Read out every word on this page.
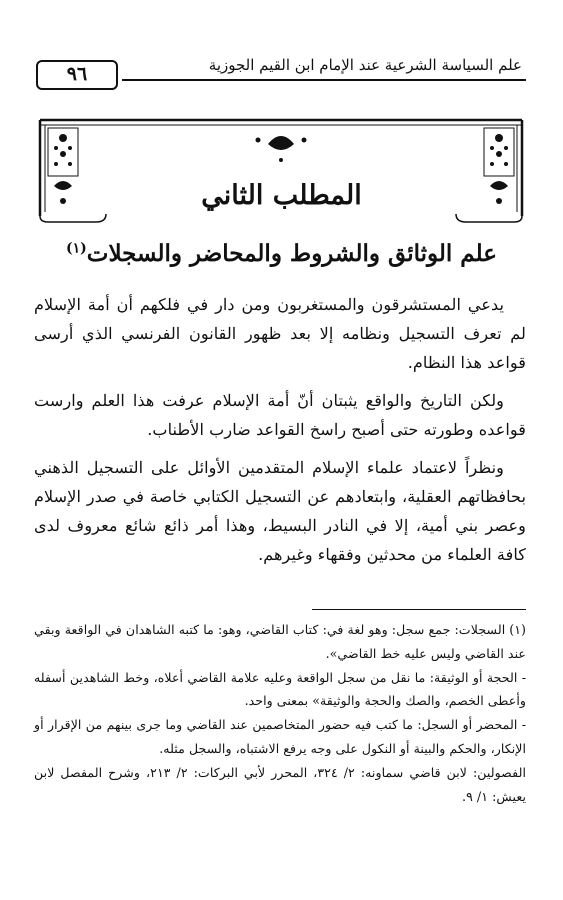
٩٦	علم السياسة الشرعية عند الإمام ابن القيم الجوزية
المطلب الثاني
علم الوثائق والشروط والمحاضر والسجلات$^{(١)}$

يدعي المستشرقون والمستغربون ومن دار في فلكهم أن أمة الإسلام لم تعرف التسجيل ونظامه إلا بعد ظهور القانون الفرنسي الذي أرسى قواعد هذا النظام.

ولكن التاريخ والواقع يثبتان أنّ أمة الإسلام عرفت هذا العلم وارست قواعده وطورته حتى أصبح راسخ القواعد ضارب الأطناب.

ونظراً لاعتماد علماء الإسلام المتقدمين الأوائل على التسجيل الذهني بحافظاتهم العقلية، وابتعادهم عن التسجيل الكتابي خاصة في صدر الإسلام وعصر بني أمية، إلا في النادر البسيط، وهذا أمر ذائع شائع معروف لدى كافة العلماء من محدثين وفقهاء وغيرهم.

(١) السجلات: جمع سجل: وهو لغة في: كتاب القاضي، وهو: ما كتبه الشاهدان في الواقعة وبقي عند القاضي وليس عليه خط القاضي».

- الحجة أو الوثيقة: ما نقل من سجل الواقعة وعليه علامة القاضي أعلاه، وخط الشاهدين أسفله وأعطى الخصم، والصك والحجة والوثيقة» بمعنى واحد.

- المحضر أو السجل: ما كتب فيه حضور المتخاصمين عند القاضي وما جرى بينهم من الإقرار أو الإنكار، والحكم والبينة أو النكول على وجه يرفع الاشتباه، والسجل مثله.

الفصولين: لابن قاضي سماونه: ٢/ ٣٢٤، المحرر لأبي البركات: ٢/ ٢١٣، وشرح المفصل لابن يعيش: ١/ ٩.
